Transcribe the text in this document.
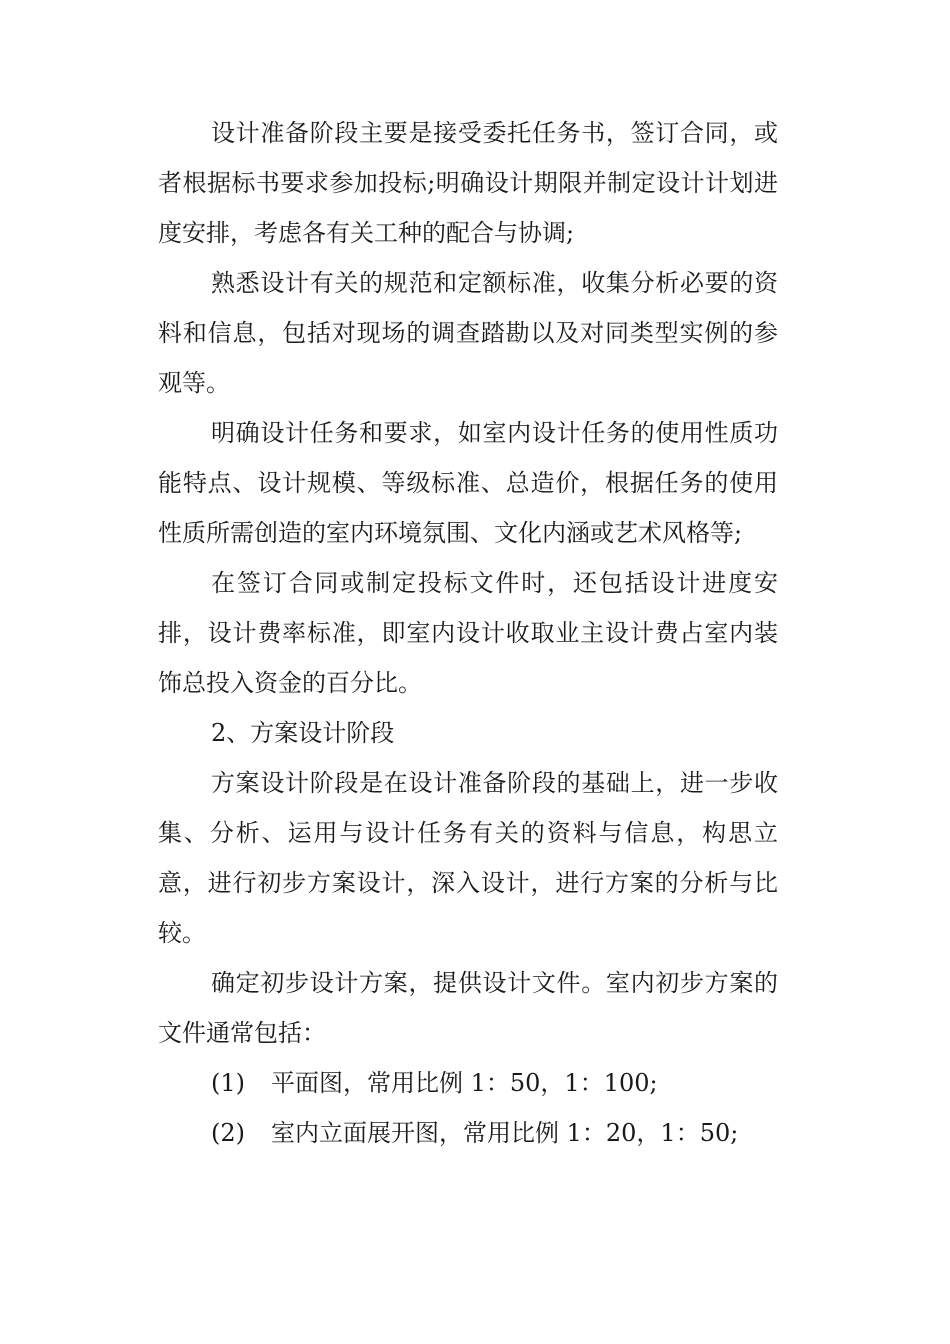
设计准备阶段主要是接受委托任务书，签订合同，或者根据标书要求参加投标;明确设计期限并制定设计计划进度安排，考虑各有关工种的配合与协调;

熟悉设计有关的规范和定额标准，收集分析必要的资料和信息，包括对现场的调查踏勘以及对同类型实例的参观等。

明确设计任务和要求，如室内设计任务的使用性质功能特点、设计规模、等级标准、总造价，根据任务的使用性质所需创造的室内环境氛围、文化内涵或艺术风格等;

在签订合同或制定投标文件时，还包括设计进度安排，设计费率标准，即室内设计收取业主设计费占室内装饰总投入资金的百分比。

2、方案设计阶段

方案设计阶段是在设计准备阶段的基础上，进一步收集、分析、运用与设计任务有关的资料与信息，构思立意，进行初步方案设计，深入设计，进行方案的分析与比较。

确定初步设计方案，提供设计文件。室内初步方案的文件通常包括：

(1) 平面图，常用比例 1：50，1：100;
(2) 室内立面展开图，常用比例 1：20，1：50;
